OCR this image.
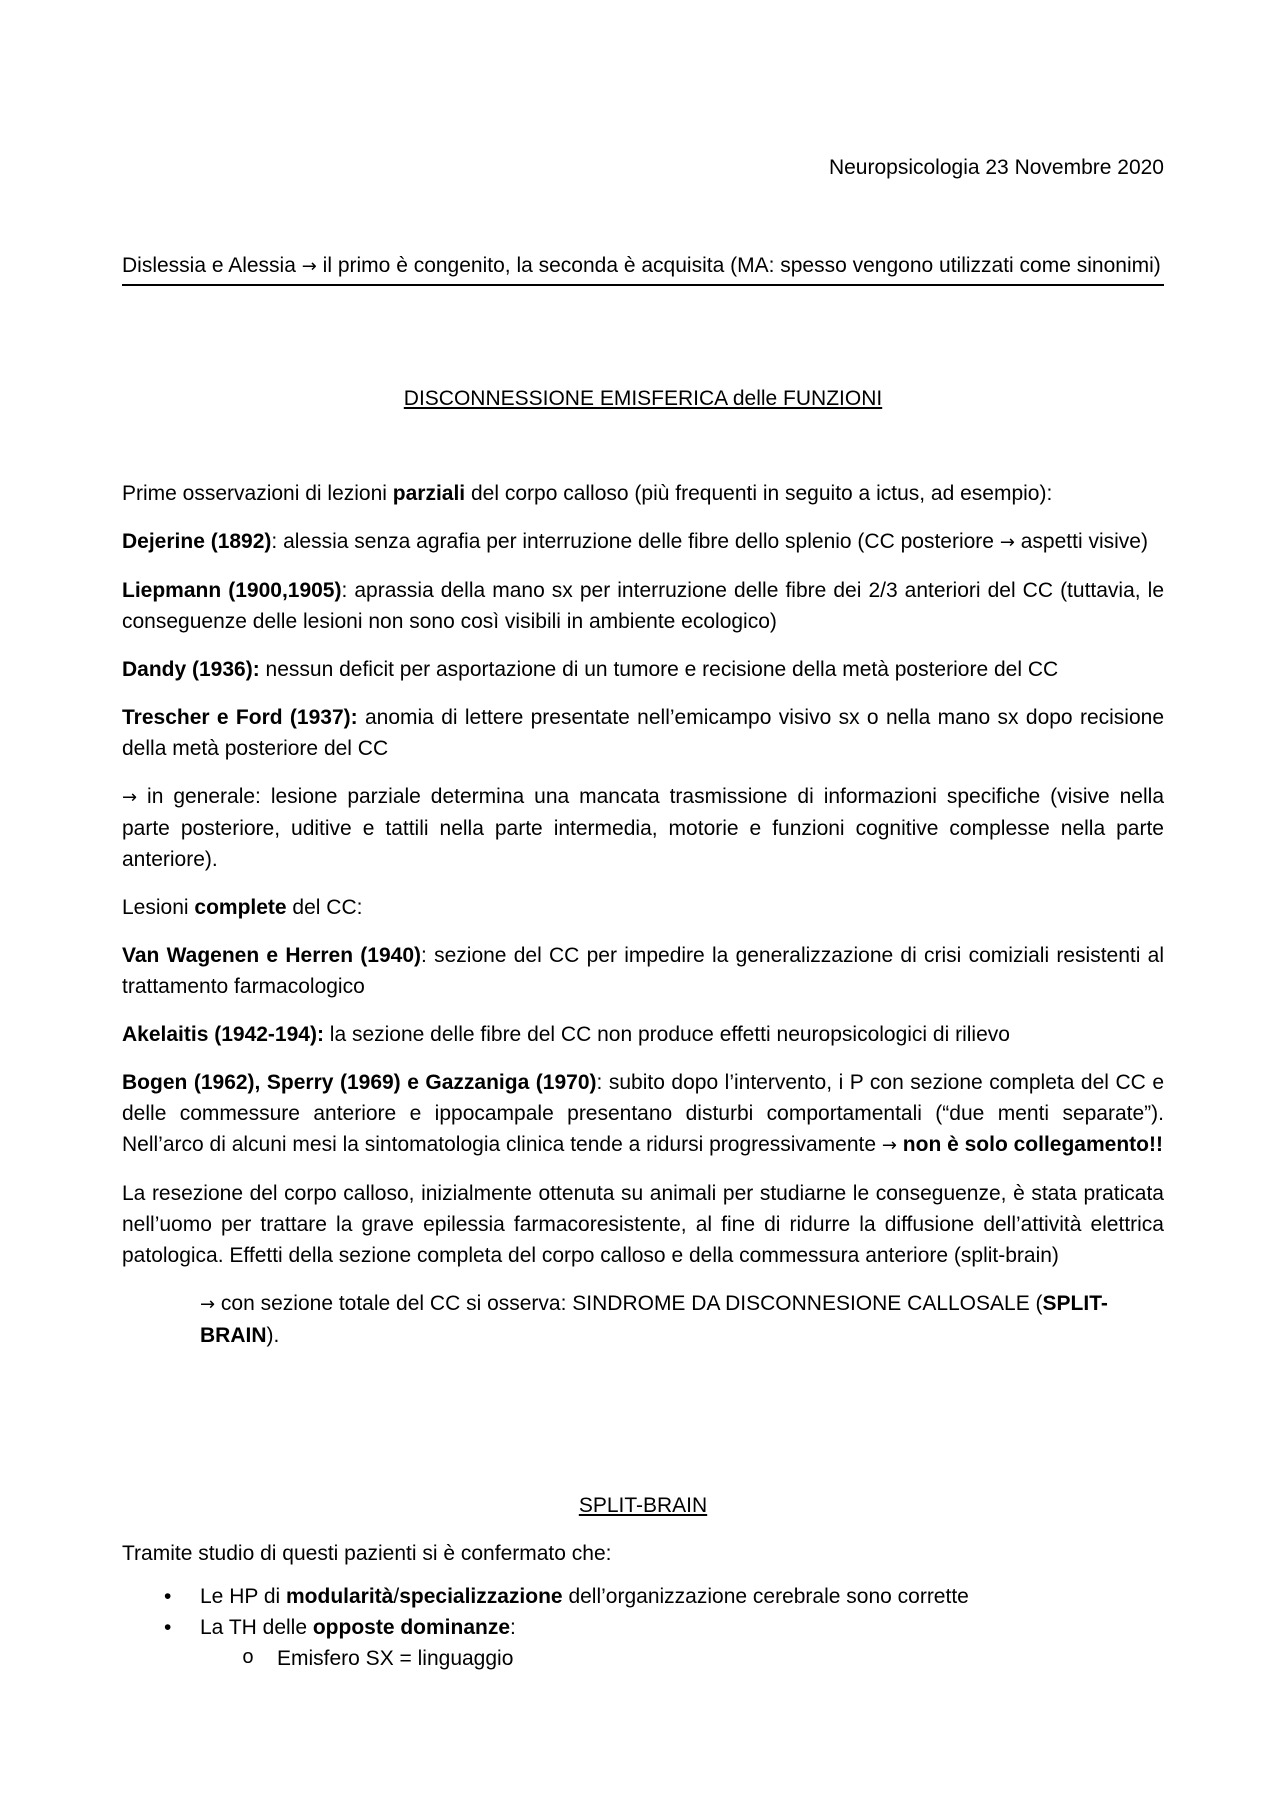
Neuropsicologia 23 Novembre 2020
Dislessia e Alessia → il primo è congenito, la seconda è acquisita (MA: spesso vengono utilizzati come sinonimi)
DISCONNESSIONE EMISFERICA delle FUNZIONI

Prime osservazioni di lezioni parziali del corpo calloso (più frequenti in seguito a ictus, ad esempio):

Dejerine (1892): alessia senza agrafia per interruzione delle fibre dello splenio (CC posteriore → aspetti visive)

Liepmann (1900,1905): aprassia della mano sx per interruzione delle fibre dei 2/3 anteriori del CC (tuttavia, le conseguenze delle lesioni non sono così visibili in ambiente ecologico)

Dandy (1936): nessun deficit per asportazione di un tumore e recisione della metà posteriore del CC

Trescher e Ford (1937): anomia di lettere presentate nell’emicampo visivo sx o nella mano sx dopo recisione della metà posteriore del CC

→ in generale: lesione parziale determina una mancata trasmissione di informazioni specifiche (visive nella parte posteriore, uditive e tattili nella parte intermedia, motorie e funzioni cognitive complesse nella parte anteriore).

Lesioni complete del CC:

Van Wagenen e Herren (1940): sezione del CC per impedire la generalizzazione di crisi comiziali resistenti al trattamento farmacologico

Akelaitis (1942-194): la sezione delle fibre del CC non produce effetti neuropsicologici di rilievo

Bogen (1962), Sperry (1969) e Gazzaniga (1970): subito dopo l’intervento, i P con sezione completa del CC e delle commessure anteriore e ippocampale presentano disturbi comportamentali (“due menti separate”). Nell’arco di alcuni mesi la sintomatologia clinica tende a ridursi progressivamente → non è solo collegamento!!

La resezione del corpo calloso, inizialmente ottenuta su animali per studiarne le conseguenze, è stata praticata nell’uomo per trattare la grave epilessia farmacoresistente, al fine di ridurre la diffusione dell’attività elettrica patologica. Effetti della sezione completa del corpo calloso e della commessura anteriore (split-brain)

→ con sezione totale del CC si osserva: SINDROME DA DISCONNESIONE CALLOSALE (SPLIT-BRAIN).

SPLIT-BRAIN

Tramite studio di questi pazienti si è confermato che:

• Le HP di modularità/specializzazione dell’organizzazione cerebrale sono corrette
• La TH delle opposte dominanze:
o Emisfero SX = linguaggio
